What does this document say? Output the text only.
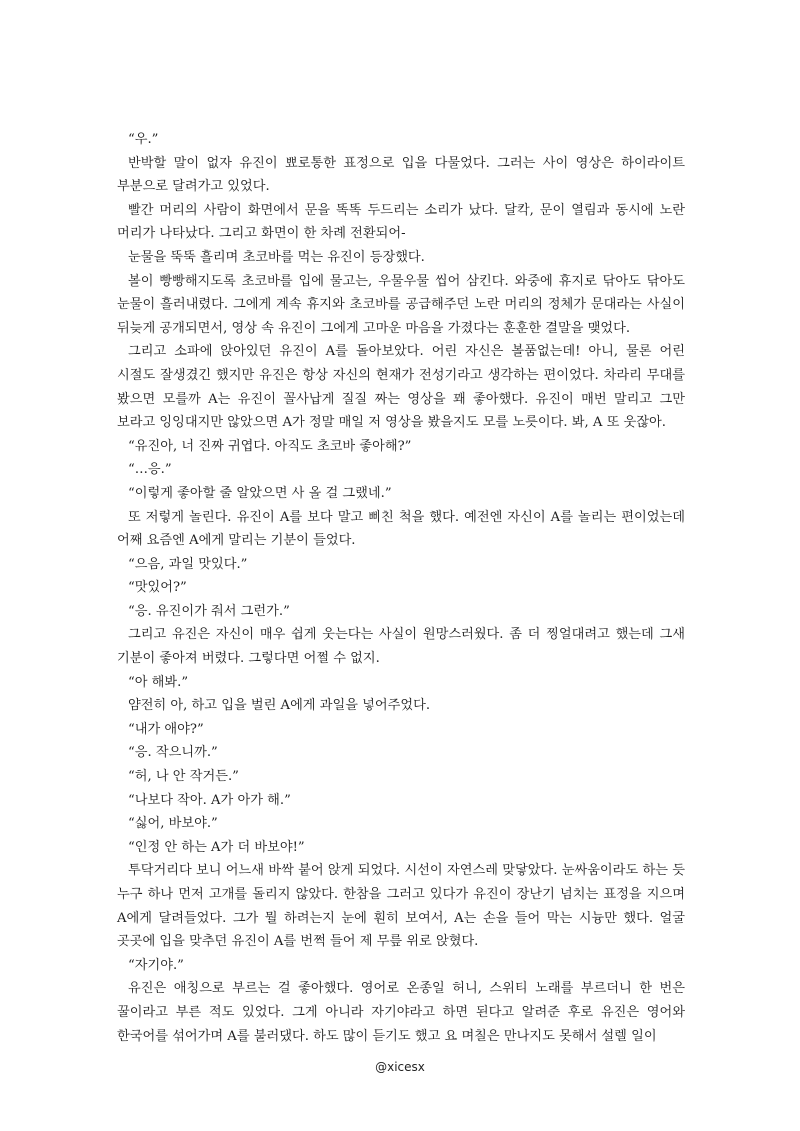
“우.”

반박할 말이 없자 유진이 뾰로통한 표정으로 입을 다물었다. 그러는 사이 영상은 하이라이트 부분으로 달려가고 있었다.

빨간 머리의 사람이 화면에서 문을 똑똑 두드리는 소리가 났다. 달칵, 문이 열림과 동시에 노란 머리가 나타났다. 그리고 화면이 한 차례 전환되어-

눈물을 뚝뚝 흘리며 초코바를 먹는 유진이 등장했다.

볼이 빵빵해지도록 초코바를 입에 물고는, 우물우물 씹어 삼킨다. 와중에 휴지로 닦아도 닦아도 눈물이 흘러내렸다. 그에게 계속 휴지와 초코바를 공급해주던 노란 머리의 정체가 문대라는 사실이 뒤늦게 공개되면서, 영상 속 유진이 그에게 고마운 마음을 가졌다는 훈훈한 결말을 맺었다.

그리고 소파에 앉아있던 유진이 A를 돌아보았다. 어린 자신은 볼품없는데! 아니, 물론 어린 시절도 잘생겼긴 했지만 유진은 항상 자신의 현재가 전성기라고 생각하는 편이었다. 차라리 무대를 봤으면 모를까 A는 유진이 꼴사납게 질질 짜는 영상을 꽤 좋아했다. 유진이 매번 말리고 그만 보라고 잉잉대지만 않았으면 A가 정말 매일 저 영상을 봤을지도 모를 노릇이다. 봐, A 또 웃잖아.

“유진아, 너 진짜 귀엽다. 아직도 초코바 좋아해?”

“…응.”

“이렇게 좋아할 줄 알았으면 사 올 걸 그랬네.”

또 저렇게 놀린다. 유진이 A를 보다 말고 삐친 척을 했다. 예전엔 자신이 A를 놀리는 편이었는데 어째 요즘엔 A에게 말리는 기분이 들었다.

“으음, 과일 맛있다.”

“맛있어?”

“응. 유진이가 줘서 그런가.”

그리고 유진은 자신이 매우 쉽게 웃는다는 사실이 원망스러웠다. 좀 더 찡얼대려고 했는데 그새 기분이 좋아져 버렸다. 그렇다면 어쩔 수 없지.

“아 해봐.”

얌전히 아, 하고 입을 벌린 A에게 과일을 넣어주었다.

“내가 애야?”

“응. 작으니까.”

“허, 나 안 작거든.”

“나보다 작아. A가 아가 해.”

“싫어, 바보야.”

“인정 안 하는 A가 더 바보야!”

투닥거리다 보니 어느새 바싹 붙어 앉게 되었다. 시선이 자연스레 맞닿았다. 눈싸움이라도 하는 듯 누구 하나 먼저 고개를 돌리지 않았다. 한참을 그러고 있다가 유진이 장난기 넘치는 표정을 지으며 A에게 달려들었다. 그가 뭘 하려는지 눈에 훤히 보여서, A는 손을 들어 막는 시늉만 했다. 얼굴 곳곳에 입을 맞추던 유진이 A를 번쩍 들어 제 무릎 위로 앉혔다.

“자기야.”

유진은 애칭으로 부르는 걸 좋아했다. 영어로 온종일 허니, 스위티 노래를 부르더니 한 번은 꿀이라고 부른 적도 있었다. 그게 아니라 자기야라고 하면 된다고 알려준 후로 유진은 영어와 한국어를 섞어가며 A를 불러댔다. 하도 많이 듣기도 했고 요 며칠은 만나지도 못해서 설렐 일이

@xicesx
